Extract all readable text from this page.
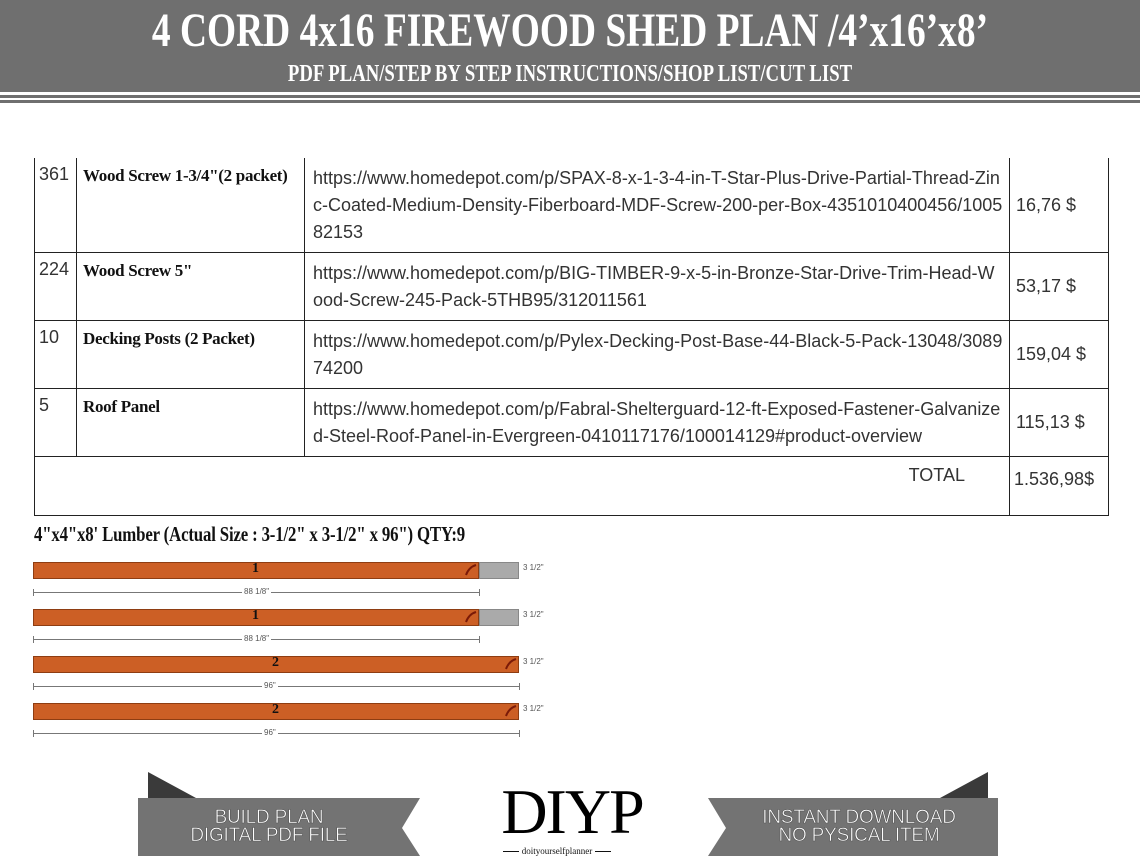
4 CORD 4x16 FIREWOOD SHED PLAN /4’x16’x8’
PDF PLAN/STEP BY STEP INSTRUCTIONS/SHOP LIST/CUT LIST
361	Wood Screw 1-3/4"(2 packet)	https://www.homedepot.com/p/SPAX-8-x-1-3-4-in-T-Star-Plus-Drive-Partial-Thread-Zinc-Coated-Medium-Density-Fiberboard-MDF-Screw-200-per-Box-4351010400456/100582153	16,76 $
224	Wood Screw 5"	https://www.homedepot.com/p/BIG-TIMBER-9-x-5-in-Bronze-Star-Drive-Trim-Head-Wood-Screw-245-Pack-5THB95/312011561	53,17 $
10	Decking Posts (2 Packet)	https://www.homedepot.com/p/Pylex-Decking-Post-Base-44-Black-5-Pack-13048/308974200	159,04 $
5	Roof Panel	https://www.homedepot.com/p/Fabral-Shelterguard-12-ft-Exposed-Fastener-Galvanized-Steel-Roof-Panel-in-Evergreen-0410117176/100014129#product-overview	115,13 $
TOTAL			1.536,98$
4"x4"x8' Lumber (Actual Size : 3-1/2" x 3-1/2" x 96") QTY:9
1	3 1/2"
88 1/8"
1	3 1/2"
88 1/8"
2	3 1/2"
96"
2	3 1/2"
96"
BUILD PLAN
DIGITAL PDF FILE	DIYP
doityourselfplanner
INSTANT DOWNLOAD
NO PYSICAL ITEM
